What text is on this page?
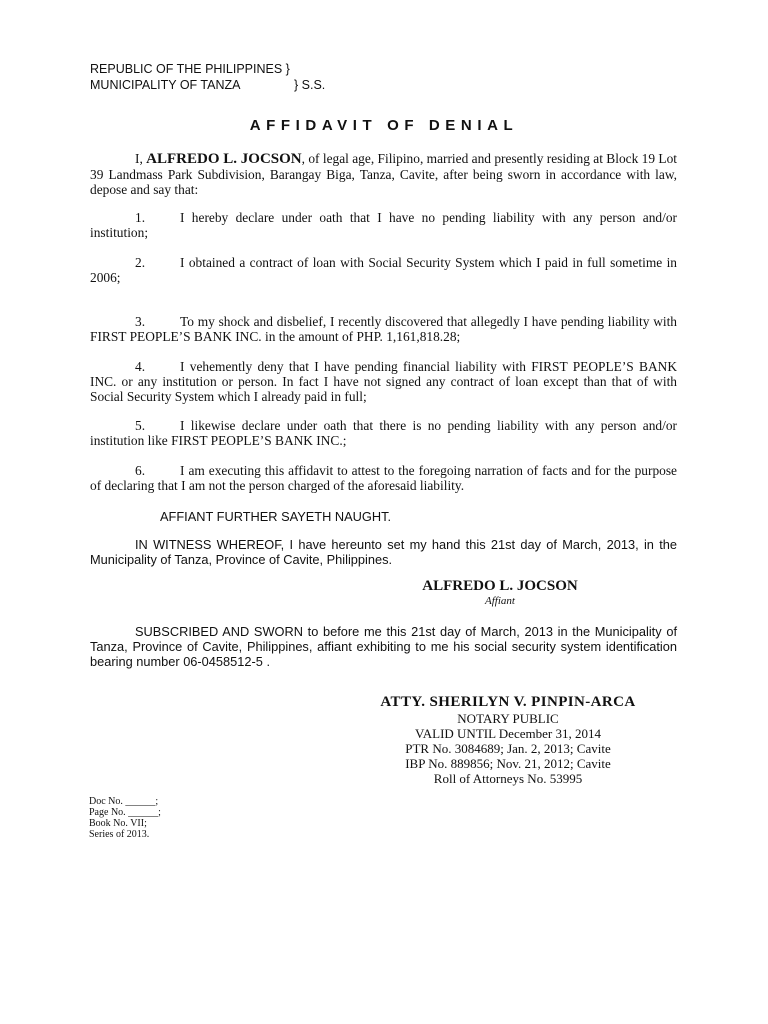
REPUBLIC OF THE PHILIPPINES }
MUNICIPALITY OF TANZA	} S.S.
AFFIDAVIT OF DENIAL

I, ALFREDO L. JOCSON, of legal age, Filipino, married and presently residing at Block 19 Lot 39 Landmass Park Subdivision, Barangay Biga, Tanza, Cavite, after being sworn in accordance with law, depose and say that:

1.	I hereby declare under oath that I have no pending liability with any person and/or institution;

2.	I obtained a contract of loan with Social Security System which I paid in full sometime in 2006;

3.	To my shock and disbelief, I recently discovered that allegedly I have pending liability with FIRST PEOPLE’S BANK INC. in the amount of PHP. 1,161,818.28;

4.	I vehemently deny that I have pending financial liability with FIRST PEOPLE’S BANK INC. or any institution or person. In fact I have not signed any contract of loan except than that of with Social Security System which I already paid in full;

5.	I likewise declare under oath that there is no pending liability with any person and/or institution like FIRST PEOPLE’S BANK INC.;

6.	I am executing this affidavit to attest to the foregoing narration of facts and for the purpose of declaring that I am not the person charged of the aforesaid liability.

AFFIANT FURTHER SAYETH NAUGHT.

IN WITNESS WHEREOF, I have hereunto set my hand this 21st day of March, 2013, in the Municipality of Tanza, Province of Cavite, Philippines.

ALFREDO L. JOCSON
Affiant

SUBSCRIBED AND SWORN to before me this 21st day of March, 2013 in the Municipality of Tanza, Province of Cavite, Philippines, affiant exhibiting to me his social security system identification bearing number 06-0458512-5 .

ATTY. SHERILYN V. PINPIN-ARCA
NOTARY PUBLIC
VALID UNTIL December 31, 2014
PTR No. 3084689; Jan. 2, 2013; Cavite
IBP No. 889856; Nov. 21, 2012; Cavite
Roll of Attorneys No. 53995
Doc No. ______;
Page No. ______;
Book No. VII;
Series of 2013.
